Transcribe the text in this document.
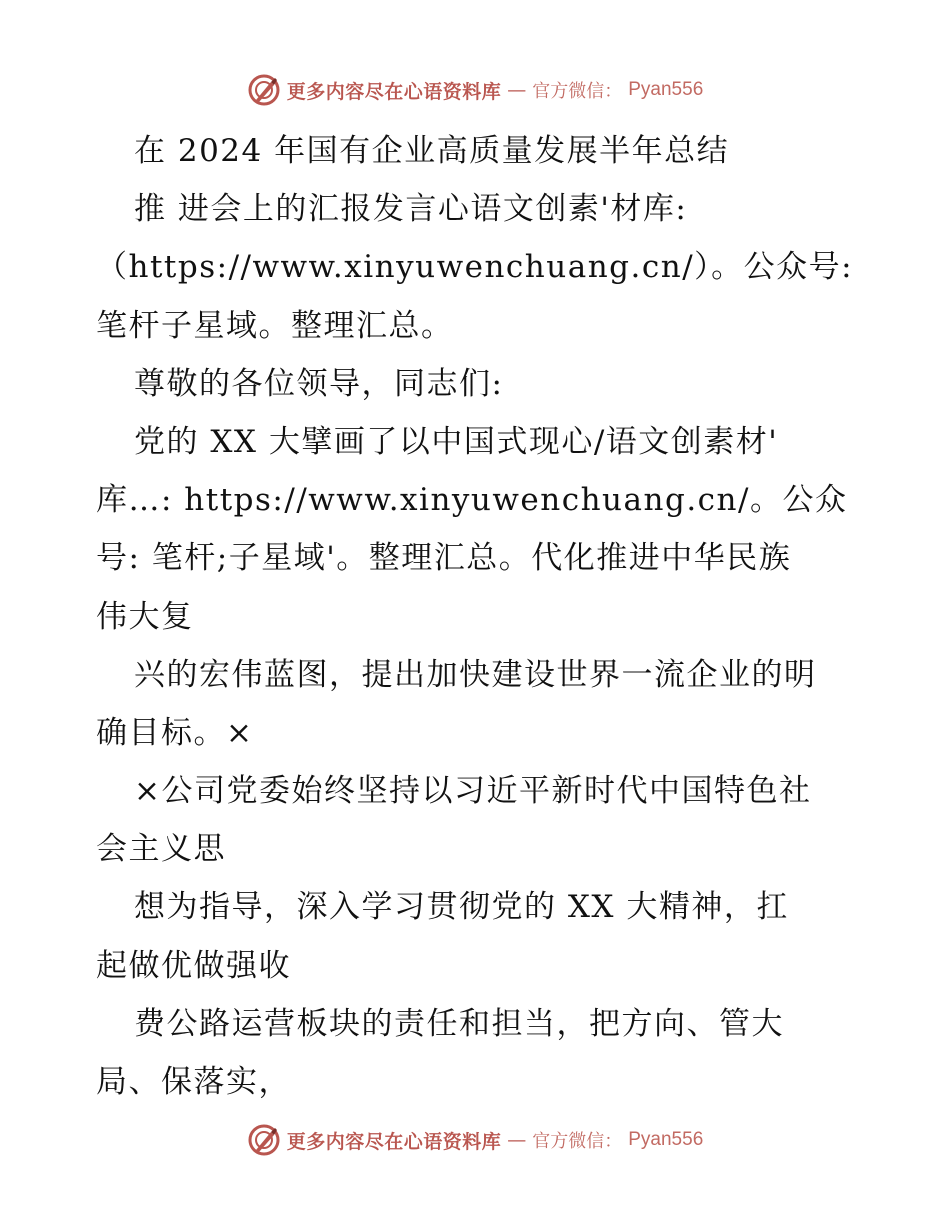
更多内容尽在心语资料库 — 官方微信： Pyan556
在 2024 年国有企业高质量发展半年总结
推 进会上的汇报发言心语文创素'材库:
（https://www.xinyuwenchuang.cn/）。公众号:
笔杆子星域。整理汇总。
尊敬的各位领导，同志们:
党的 XX 大擘画了以中国式现心/语文创素材'
库…: https://www.xinyuwenchuang.cn/。公众
号: 笔杆;子星域'。整理汇总。代化推进中华民族
伟大复
兴的宏伟蓝图，提出加快建设世界一流企业的明
确目标。×
×公司党委始终坚持以习近平新时代中国特色社
会主义思
想为指导，深入学习贯彻党的 XX 大精神，扛
起做优做强收
费公路运营板块的责任和担当，把方向、管大
局、保落实，
更多内容尽在心语资料库 — 官方微信： Pyan556
